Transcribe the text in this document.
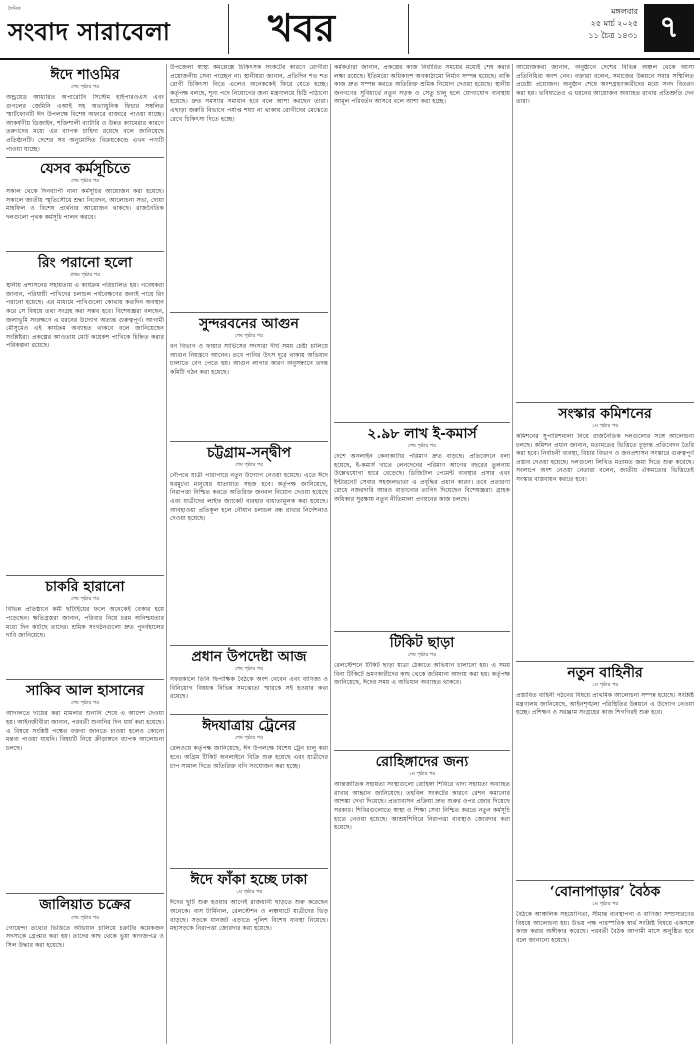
দৈনিক
সংবাদ সারাবেলা	খবর	মঙ্গলবার
২৫ মার্চ ২০২৫
১১ চৈত্র ১৪৩১ ৭
ঈদে শাওমির
শেষ পৃষ্ঠার পর

অন্ড্রয়েড আধারিত অপারেটিং সিস্টেম হাইপারওএস এবং গুগলের জেমিনি এআই সহ অত্যাধুনিক ফিচার সম্বলিত স্মার্টফোনটি ঈদ উপলক্ষে বিশেষ অফারে বাজারে পাওয়া যাচ্ছে। আকর্ষণীয় ডিজাইন, শক্তিশালী ব্যাটারি ও উন্নত ক্যামেরার কারণে তরুণদের মধ্যে এর ব্যাপক চাহিদা রয়েছে বলে জানিয়েছে প্রতিষ্ঠানটি। দেশের সব অনুমোদিত বিক্রয়কেন্দ্রে এখন পণ্যটি পাওয়া যাচ্ছে।

যেসব কর্মসূচিতে
শেষ পৃষ্ঠার পর

সকাল থেকে দিনব্যাপী নানা কর্মসূচির আয়োজন করা হয়েছে। সকালে জাতীয় স্মৃতিসৌধে শ্রদ্ধা নিবেদন, আলোচনা সভা, দোয়া মাহফিল ও বিশেষ প্রার্থনার আয়োজন থাকছে। রাজনৈতিক দলগুলো পৃথক কর্মসূচি পালন করবে।

রিং পরানো হলো
প্রথম পৃষ্ঠার পর

স্থানীয় প্রশাসনের সহায়তায় এ কার্যক্রম পরিচালিত হয়। গবেষকরা জানান, পরিযায়ী পাখিদের চলাচল পর্যবেক্ষণের জন্যই পায়ে রিং পরানো হয়েছে। এর মাধ্যমে পাখিগুলো কোথায় কতদিন অবস্থান করে সে বিষয়ে তথ্য সংগ্রহ করা সম্ভব হবে। বিশেষজ্ঞরা বলছেন, জলাভূমি সংরক্ষণে এ ধরনের উদ্যোগ অত্যন্ত গুরুত্বপূর্ণ। আগামী মৌসুমেও এই কার্যক্রম অব্যাহত থাকবে বলে জানিয়েছেন সংশ্লিষ্টরা। প্রকল্পের আওতায় মোট কয়েকশ পাখিকে চিহ্নিত করার পরিকল্পনা রয়েছে।

চাকরি হারানো
শেষ পৃষ্ঠার পর

বিভিন্ন প্রতিষ্ঠানে কর্মী ছাঁটাইয়ের ফলে অনেকেই বেকার হয়ে পড়েছেন। ক্ষতিগ্রস্তরা জানান, পরিবার নিয়ে চরম অনিশ্চয়তার মধ্যে দিন কাটছে তাদের। শ্রমিক সংগঠনগুলো দ্রুত পুনর্বহালের দাবি জানিয়েছে।

সাকিব আল হাসানের
শেষ পৃষ্ঠার পর

আদালতে দায়ের করা মামলার শুনানি শেষে এ আদেশ দেওয়া হয়। আইনজীবীরা জানান, পরবর্তী শুনানির দিন ধার্য করা হয়েছে। এ বিষয়ে সংশ্লিষ্ট পক্ষের বক্তব্য জানতে চাওয়া হলেও কোনো মন্তব্য পাওয়া যায়নি। বিষয়টি নিয়ে ক্রীড়াঙ্গনে ব্যাপক আলোচনা চলছে।

জালিয়াত চক্রের
শেষ পৃষ্ঠার পর

গোয়েন্দা তথ্যের ভিত্তিতে অভিযান চালিয়ে চক্রটির কয়েকজন সদস্যকে গ্রেপ্তার করা হয়। তাদের কাছ থেকে ভুয়া কাগজপত্র ও সিল উদ্ধার করা হয়েছে।

উপজেলা স্বাস্থ্য কমপ্লেক্সে চিকিৎসক সংকটের কারণে রোগীরা প্রয়োজনীয় সেবা পাচ্ছেন না। স্থানীয়রা জানান, প্রতিদিন শত শত রোগী চিকিৎসা নিতে এলেও অনেককেই ফিরে যেতে হচ্ছে। কর্তৃপক্ষ বলছে, শূন্য পদে নিয়োগের জন্য মন্ত্রণালয়ে চিঠি পাঠানো হয়েছে। দ্রুত সমস্যার সমাধান হবে বলে আশা করছেন তারা। এছাড়া জরুরি বিভাগে পর্যাপ্ত শয্যা না থাকায় রোগীদের মেঝেতে রেখে চিকিৎসা দিতে হচ্ছে।

সুন্দরবনের আগুন
শেষ পৃষ্ঠার পর

বন বিভাগ ও ফায়ার সার্ভিসের সদস্যরা দীর্ঘ সময় চেষ্টা চালিয়ে আগুন নিয়ন্ত্রণে আনেন। তবে পানির উৎস দূরে থাকায় অভিযান চালাতে বেগ পেতে হয়। আগুন লাগার কারণ অনুসন্ধানে তদন্ত কমিটি গঠন করা হয়েছে।

চট্টগ্রাম-সন্দ্বীপ
শেষ পৃষ্ঠার পর

নৌপথে যাত্রী পারাপারে নতুন উদ্যোগ নেওয়া হয়েছে। এতে ঈদে ঘরমুখো মানুষের যাতায়াত সহজ হবে। কর্তৃপক্ষ জানিয়েছে, নিরাপত্তা নিশ্চিত করতে অতিরিক্ত জনবল নিয়োগ দেওয়া হয়েছে এবং যাত্রীদের লাইফ জ্যাকেট ব্যবহার বাধ্যতামূলক করা হয়েছে। আবহাওয়া প্রতিকূল হলে নৌযান চলাচল বন্ধ রাখার নির্দেশনাও দেওয়া হয়েছে।

প্রধান উপদেষ্টা আজ
শেষ পৃষ্ঠার পর

সফরকালে তিনি দ্বিপাক্ষিক বৈঠকে অংশ নেবেন এবং বাণিজ্য ও বিনিয়োগ বিষয়ক বিভিন্ন সমঝোতা স্মারকে সই হওয়ার কথা রয়েছে।

ঈদযাত্রায় ট্রেনের
শেষ পৃষ্ঠার পর

রেলওয়ে কর্তৃপক্ষ জানিয়েছে, ঈদ উপলক্ষে বিশেষ ট্রেন চালু করা হবে। অগ্রিম টিকিট অনলাইনে বিক্রি শুরু হয়েছে এবং যাত্রীদের চাপ সামাল দিতে অতিরিক্ত বগি সংযোজন করা হচ্ছে।

ঈদে ফাঁকা হচ্ছে ঢাকা
১ম পৃষ্ঠার পর

ঈদের ছুটি শুরু হওয়ার আগেই রাজধানী ছাড়তে শুরু করেছেন অনেকে। বাস টার্মিনাল, রেলস্টেশন ও লঞ্চঘাটে যাত্রীদের ভিড় বাড়ছে। সড়কে যানজট এড়াতে পুলিশ বিশেষ ব্যবস্থা নিয়েছে। মহাসড়কে নিরাপত্তা জোরদার করা হয়েছে।

কর্মকর্তারা জানান, প্রকল্পের কাজ নির্ধারিত সময়ের মধ্যেই শেষ করার লক্ষ্য রয়েছে। ইতিমধ্যে অধিকাংশ অবকাঠামো নির্মাণ সম্পন্ন হয়েছে। বাকি কাজ দ্রুত সম্পন্ন করতে অতিরিক্ত শ্রমিক নিয়োগ দেওয়া হয়েছে। স্থানীয় জনগণের সুবিধার্থে নতুন সড়ক ও সেতু চালু হলে যোগাযোগ ব্যবস্থায় আমূল পরিবর্তন আসবে বলে আশা করা হচ্ছে।

২.৯৮ লাখ ই-কমার্স
শেষ পৃষ্ঠার পর

দেশে অনলাইন কেনাকাটার পরিমাণ দ্রুত বাড়ছে। প্রতিবেদনে বলা হয়েছে, ই-কমার্স খাতে লেনদেনের পরিমাণ আগের বছরের তুলনায় উল্লেখযোগ্য হারে বেড়েছে। ডিজিটাল পেমেন্ট ব্যবস্থার প্রসার এবং ইন্টারনেট সেবার সহজলভ্যতা এ প্রবৃদ্ধির প্রধান কারণ। তবে প্রতারণা রোধে নজরদারি আরও বাড়ানোর তাগিদ দিয়েছেন বিশেষজ্ঞরা। গ্রাহক অধিকার সুরক্ষায় নতুন নীতিমালা প্রণয়নের কাজ চলছে।

টিকিট ছাড়া
শেষ পৃষ্ঠার পর

রেলস্টেশনে টিকিট ছাড়া যাত্রা ঠেকাতে অভিযান চালানো হয়। এ সময় বিনা টিকিটে ভ্রমণকারীদের কাছ থেকে জরিমানা আদায় করা হয়। কর্তৃপক্ষ জানিয়েছে, ঈদের সময় এ অভিযান অব্যাহত থাকবে।

রোহিঙ্গাদের জন্য
১ম পৃষ্ঠার পর

আন্তর্জাতিক সহায়তা সংস্থাগুলো রোহিঙ্গা শিবিরে খাদ্য সহায়তা অব্যাহত রাখার আহ্বান জানিয়েছে। তহবিল সংকটের কারণে রেশন কমানোর আশঙ্কা দেখা দিয়েছে। প্রত্যাবাসন প্রক্রিয়া দ্রুত শুরুর ওপর জোর দিয়েছে সরকার। শিবিরগুলোতে স্বাস্থ্য ও শিক্ষা সেবা নিশ্চিত করতে নতুন কর্মসূচি হাতে নেওয়া হয়েছে। আশ্রয়শিবিরে নিরাপত্তা ব্যবস্থাও জোরদার করা হয়েছে।

আয়োজকরা জানান, অনুষ্ঠানে দেশের বিভিন্ন অঞ্চল থেকে আসা প্রতিনিধিরা অংশ নেন। বক্তারা বলেন, সমাজের উন্নয়নে সবার সম্মিলিত প্রচেষ্টা প্রয়োজন। অনুষ্ঠান শেষে অংশগ্রহণকারীদের মধ্যে সনদ বিতরণ করা হয়। ভবিষ্যতেও এ ধরনের আয়োজন অব্যাহত রাখার প্রতিশ্রুতি দেন তারা।

সংস্কার কমিশনের
১ম পৃষ্ঠার পর

কমিশনের সুপারিশমালা নিয়ে রাজনৈতিক দলগুলোর সঙ্গে আলোচনা চলছে। কমিশন প্রধান জানান, মতামতের ভিত্তিতে চূড়ান্ত প্রতিবেদন তৈরি করা হবে। নির্বাচনী ব্যবস্থা, বিচার বিভাগ ও জনপ্রশাসন সংস্কারে গুরুত্বপূর্ণ প্রস্তাব দেওয়া হয়েছে। দলগুলো লিখিত মতামত জমা দিতে শুরু করেছে। সংলাপে অংশ নেওয়া নেতারা বলেন, জাতীয় ঐকমত্যের ভিত্তিতেই সংস্কার বাস্তবায়ন করতে হবে।

নতুন বাহিনীর
১ম পৃষ্ঠার পর

প্রস্তাবিত বাহিনী গঠনের বিষয়ে প্রাথমিক আলোচনা সম্পন্ন হয়েছে। সংশ্লিষ্ট মন্ত্রণালয় জানিয়েছে, আইনশৃঙ্খলা পরিস্থিতির উন্নয়নে এ উদ্যোগ নেওয়া হচ্ছে। প্রশিক্ষণ ও সরঞ্জাম সংগ্রহের কাজ শিগগিরই শুরু হবে।

‘বোনাপাড়ার’ বৈঠক
১ম পৃষ্ঠার পর

বৈঠকে আঞ্চলিক সহযোগিতা, সীমান্ত ব্যবস্থাপনা ও বাণিজ্য সম্প্রসারণের বিষয়ে আলোচনা হয়। উভয় পক্ষ পারস্পরিক স্বার্থ সংশ্লিষ্ট বিষয়ে একসঙ্গে কাজ করার অঙ্গীকার করেছে। পরবর্তী বৈঠক আগামী মাসে অনুষ্ঠিত হবে বলে জানানো হয়েছে।
